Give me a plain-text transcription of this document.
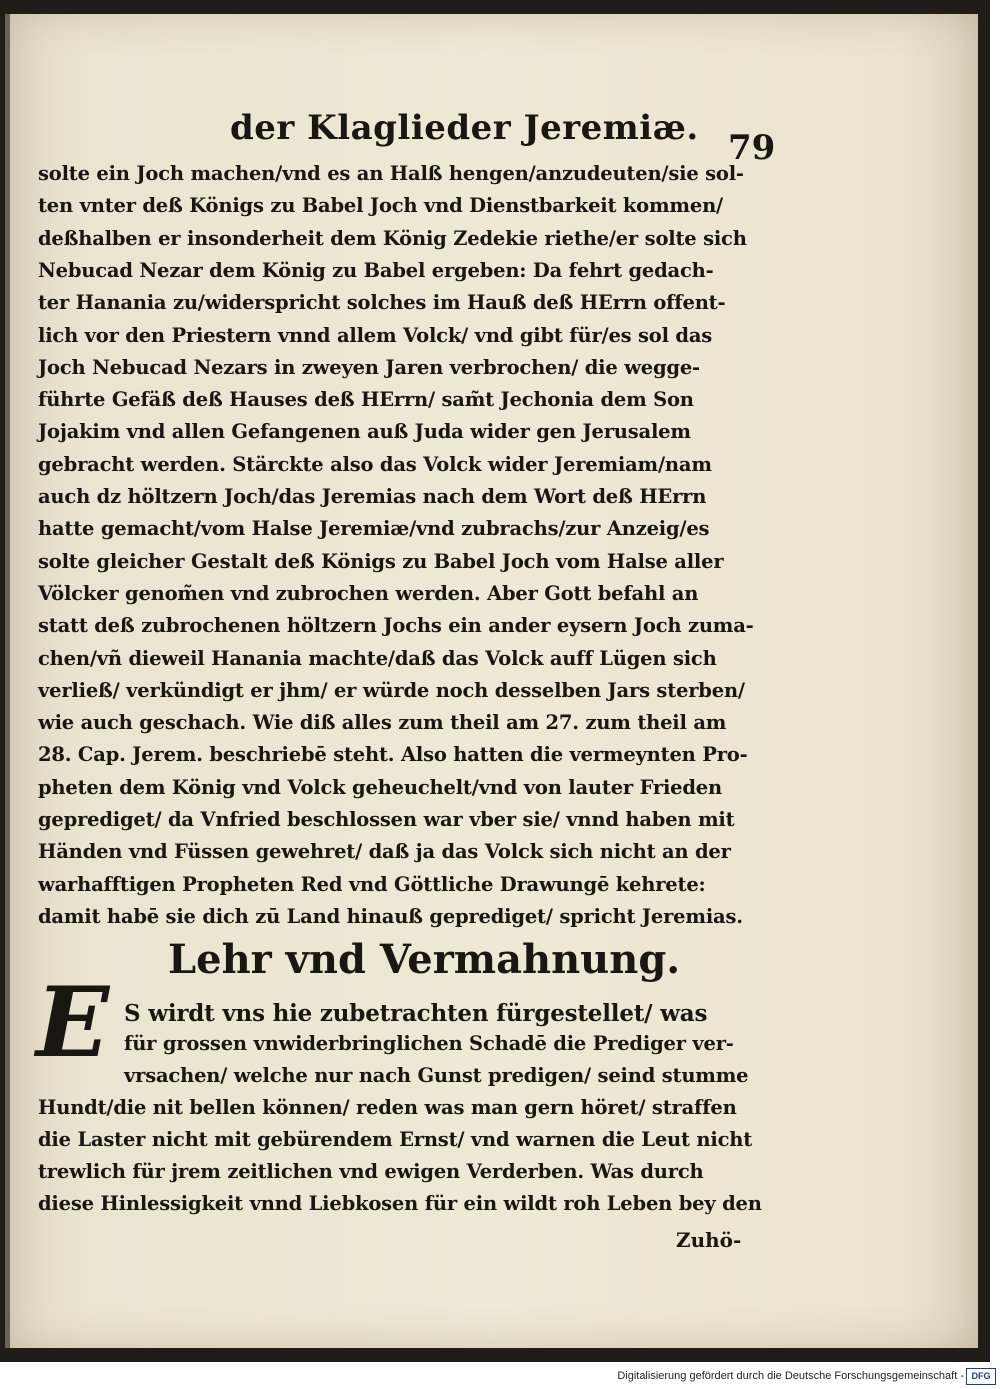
der Klaglieder Jeremiæ. 79
solte ein Joch machen/vnd es an Halß hengen/anzudeuten/sie sol-
ten vnter deß Königs zu Babel Joch vnd Dienstbarkeit kommen/
deßhalben er insonderheit dem König Zedekie riethe/er solte sich
Nebucad Nezar dem König zu Babel ergeben: Da fehrt gedach-
ter Hanania zu/widerspricht solches im Hauß deß HErrn offent-
lich vor den Priestern vnnd allem Volck/ vnd gibt für/es sol das
Joch Nebucad Nezars in zweyen Jaren verbrochen/ die wegge-
führte Gefäß deß Hauses deß HErrn/ sam̃t Jechonia dem Son
Jojakim vnd allen Gefangenen auß Juda wider gen Jerusalem
gebracht werden. Stärckte also das Volck wider Jeremiam/nam
auch dz höltzern Joch/das Jeremias nach dem Wort deß HErrn
hatte gemacht/vom Halse Jeremiæ/vnd zubrachs/zur Anzeig/es
solte gleicher Gestalt deß Königs zu Babel Joch vom Halse aller
Völcker genom̃en vnd zubrochen werden. Aber Gott befahl an
statt deß zubrochenen höltzern Jochs ein ander eysern Joch zuma-
chen/vñ dieweil Hanania machte/daß das Volck auff Lügen sich
verließ/ verkündigt er jhm/ er würde noch desselben Jars sterben/
wie auch geschach. Wie diß alles zum theil am 27. zum theil am
28. Cap. Jerem. beschriebē steht. Also hatten die vermeynten Pro-
pheten dem König vnd Volck geheuchelt/vnd von lauter Frieden
geprediget/ da Vnfried beschlossen war vber sie/ vnnd haben mit
Händen vnd Füssen gewehret/ daß ja das Volck sich nicht an der
warhafftigen Propheten Red vnd Göttliche Drawungē kehrete:
damit habē sie dich zū Land hinauß geprediget/ spricht Jeremias.
Lehr vnd Vermahnung.
E S wirdt vns hie zubetrachten fürgestellet/ was
für grossen vnwiderbringlichen Schadē die Prediger ver-
vrsachen/ welche nur nach Gunst predigen/ seind stumme
Hundt/die nit bellen können/ reden was man gern höret/ straffen
die Laster nicht mit gebürendem Ernst/ vnd warnen die Leut nicht
trewlich für jrem zeitlichen vnd ewigen Verderben. Was durch
diese Hinlessigkeit vnnd Liebkosen für ein wildt roh Leben bey den
Zuhö-
Digitalisierung gefördert durch die Deutsche Forschungsgemeinschaft - DFG
